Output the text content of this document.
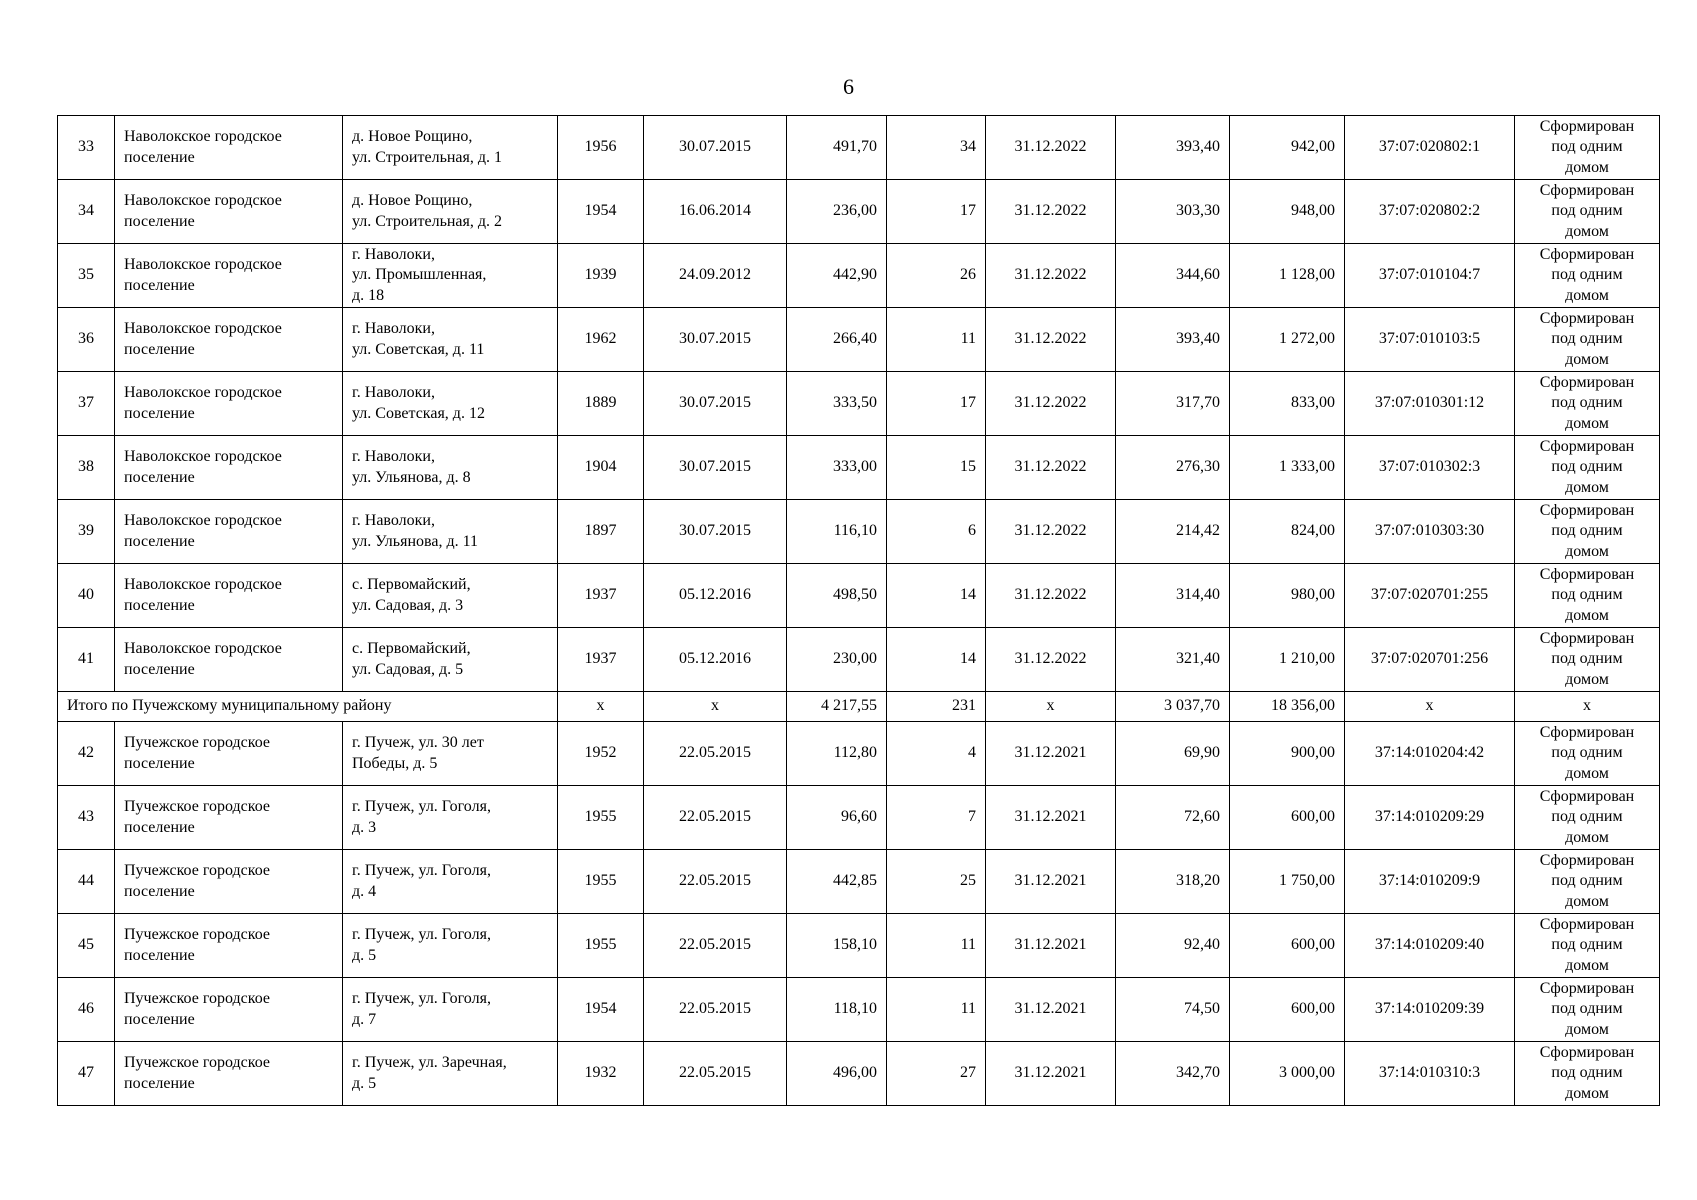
6
33	Наволокское городское
поселение	д. Новое Рощино,
ул. Строительная, д. 1	1956	30.07.2015	491,70	34	31.12.2022	393,40	942,00	37:07:020802:1	Сформирован
под одним
домом

34	Наволокское городское
поселение	д. Новое Рощино,
ул. Строительная, д. 2	1954	16.06.2014	236,00	17	31.12.2022	303,30	948,00	37:07:020802:2	Сформирован
под одним
домом

35	Наволокское городское
поселение	г. Наволоки,
ул. Промышленная,
д. 18	1939	24.09.2012	442,90	26	31.12.2022	344,60	1 128,00	37:07:010104:7	Сформирован
под одним
домом

36	Наволокское городское
поселение	г. Наволоки,
ул. Советская, д. 11	1962	30.07.2015	266,40	11	31.12.2022	393,40	1 272,00	37:07:010103:5	Сформирован
под одним
домом

37	Наволокское городское
поселение	г. Наволоки,
ул. Советская, д. 12	1889	30.07.2015	333,50	17	31.12.2022	317,70	833,00	37:07:010301:12	Сформирован
под одним
домом

38	Наволокское городское
поселение	г. Наволоки,
ул. Ульянова, д. 8	1904	30.07.2015	333,00	15	31.12.2022	276,30	1 333,00	37:07:010302:3	Сформирован
под одним
домом

39	Наволокское городское
поселение	г. Наволоки,
ул. Ульянова, д. 11	1897	30.07.2015	116,10	6	31.12.2022	214,42	824,00	37:07:010303:30	Сформирован
под одним
домом

40	Наволокское городское
поселение	с. Первомайский,
ул. Садовая, д. 3	1937	05.12.2016	498,50	14	31.12.2022	314,40	980,00	37:07:020701:255	Сформирован
под одним
домом

41	Наволокское городское
поселение	с. Первомайский,
ул. Садовая, д. 5	1937	05.12.2016	230,00	14	31.12.2022	321,40	1 210,00	37:07:020701:256	Сформирован
под одним
домом

Итого по Пучежскому муниципальному району			х	х	4 217,55	231	х	3 037,70	18 356,00	х	х
42	Пучежское городское
поселение	г. Пучеж, ул. 30 лет
Победы, д. 5	1952	22.05.2015	112,80	4	31.12.2021	69,90	900,00	37:14:010204:42	Сформирован
под одним
домом

43	Пучежское городское
поселение	г. Пучеж, ул. Гоголя,
д. 3	1955	22.05.2015	96,60	7	31.12.2021	72,60	600,00	37:14:010209:29	Сформирован
под одним
домом

44	Пучежское городское
поселение	г. Пучеж, ул. Гоголя,
д. 4	1955	22.05.2015	442,85	25	31.12.2021	318,20	1 750,00	37:14:010209:9	Сформирован
под одним
домом

45	Пучежское городское
поселение	г. Пучеж, ул. Гоголя,
д. 5	1955	22.05.2015	158,10	11	31.12.2021	92,40	600,00	37:14:010209:40	Сформирован
под одним
домом

46	Пучежское городское
поселение	г. Пучеж, ул. Гоголя,
д. 7	1954	22.05.2015	118,10	11	31.12.2021	74,50	600,00	37:14:010209:39	Сформирован
под одним
домом

47	Пучежское городское
поселение	г. Пучеж, ул. Заречная,
д. 5	1932	22.05.2015	496,00	27	31.12.2021	342,70	3 000,00	37:14:010310:3	Сформирован
под одним
домом
